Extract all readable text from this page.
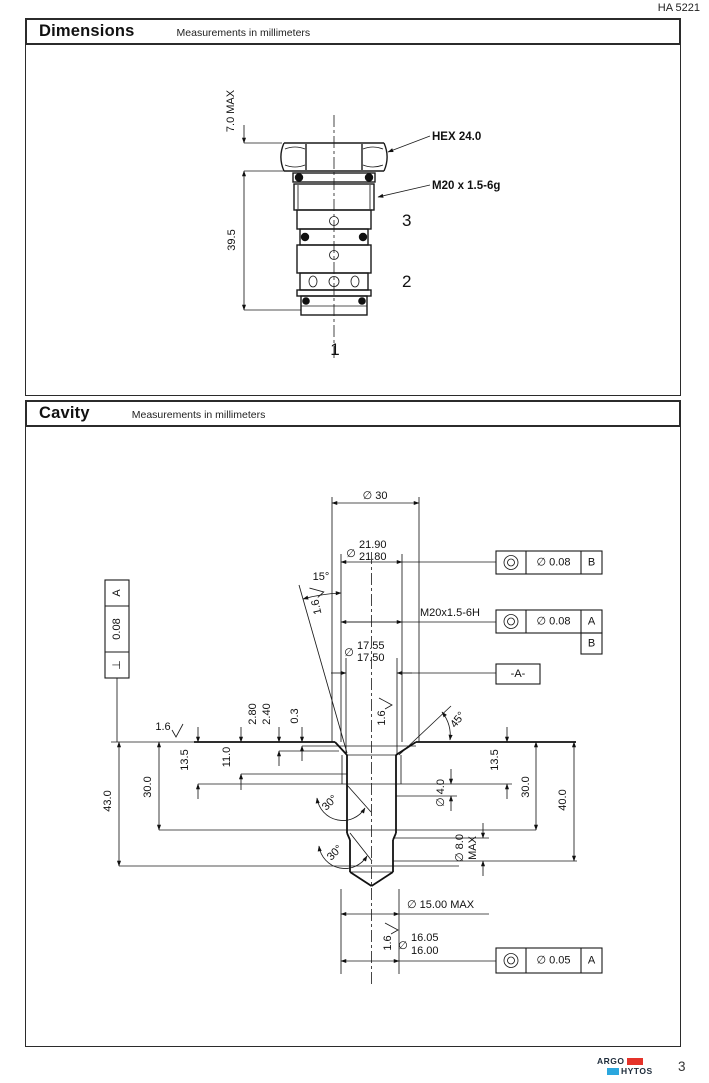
HA 5221
Dimensions	Measurements in millimeters
7.0 MAX
39.5
HEX 24.0
M20 x 1.5-6g
3
2
1
Cavity	Measurements in millimeters
∅ 30
∅
21.90
21.80
15°
M20x1.5-6H
∅
17.55
17.50
2.80 2.40 0.3
13.5	11.0
30.0
43.0
45°
13.5
30.0
40.0
∅ 4.0
∅ 8.0 MAX
30°
30°
∅ 15.00 MAX
∅
16.05
16.00
1.6
1.6
1.6
1.6
∅ 0.08 B
∅ 0.08 A
B
-A-
∅ 0.05 A
A
0.08
⊥
ARGO
HYTOS 3
